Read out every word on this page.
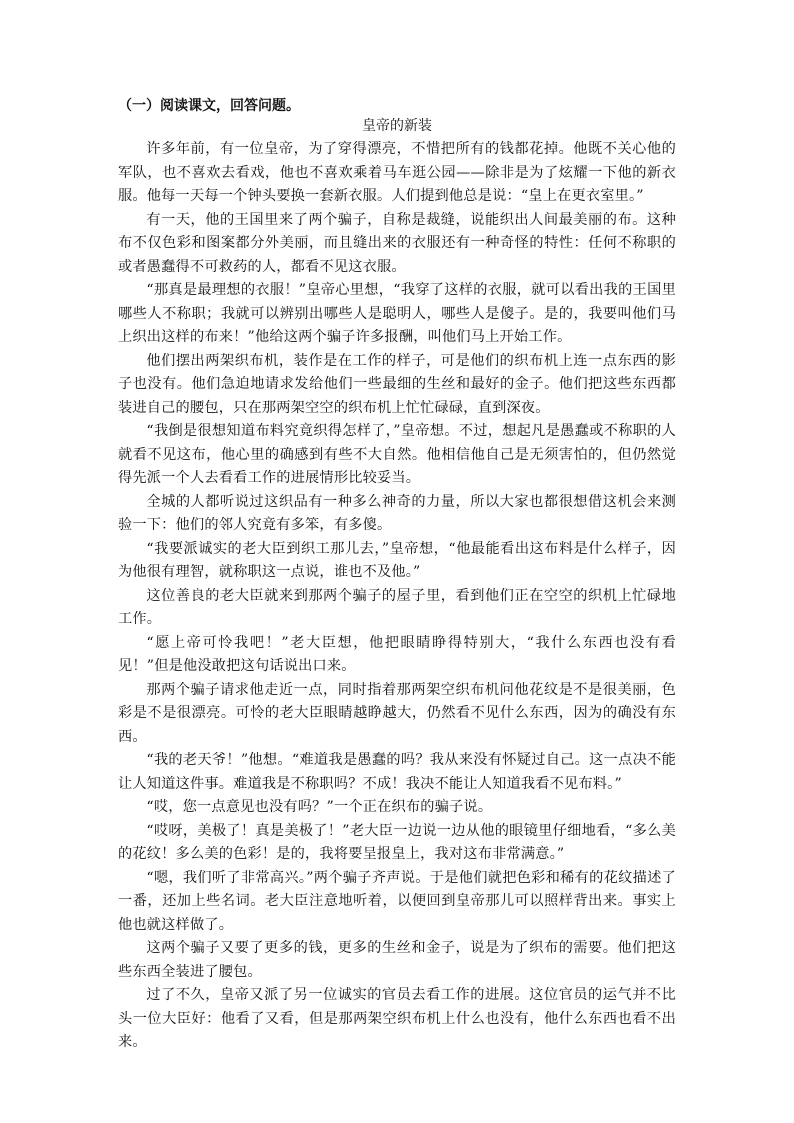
（一）阅读课文，回答问题。

皇帝的新装

许多年前，有一位皇帝，为了穿得漂亮，不惜把所有的钱都花掉。他既不关心他的军队，也不喜欢去看戏，他也不喜欢乘着马车逛公园——除非是为了炫耀一下他的新衣服。他每一天每一个钟头要换一套新衣服。人们提到他总是说：“皇上在更衣室里。”

有一天，他的王国里来了两个骗子，自称是裁缝，说能织出人间最美丽的布。这种布不仅色彩和图案都分外美丽，而且缝出来的衣服还有一种奇怪的特性：任何不称职的或者愚蠢得不可救药的人，都看不见这衣服。

“那真是最理想的衣服！”皇帝心里想，“我穿了这样的衣服，就可以看出我的王国里哪些人不称职；我就可以辨别出哪些人是聪明人，哪些人是傻子。是的，我要叫他们马上织出这样的布来！”他给这两个骗子许多报酬，叫他们马上开始工作。

他们摆出两架织布机，装作是在工作的样子，可是他们的织布机上连一点东西的影子也没有。他们急迫地请求发给他们一些最细的生丝和最好的金子。他们把这些东西都装进自己的腰包，只在那两架空空的织布机上忙忙碌碌，直到深夜。

“我倒是很想知道布料究竟织得怎样了，”皇帝想。不过，想起凡是愚蠢或不称职的人就看不见这布，他心里的确感到有些不大自然。他相信他自己是无须害怕的，但仍然觉得先派一个人去看看工作的进展情形比较妥当。

全城的人都听说过这织品有一种多么神奇的力量，所以大家也都很想借这机会来测验一下：他们的邻人究竟有多笨，有多傻。

“我要派诚实的老大臣到织工那儿去，”皇帝想，“他最能看出这布料是什么样子，因为他很有理智，就称职这一点说，谁也不及他。”

这位善良的老大臣就来到那两个骗子的屋子里，看到他们正在空空的织机上忙碌地工作。

“愿上帝可怜我吧！”老大臣想，他把眼睛睁得特别大，“我什么东西也没有看见！”但是他没敢把这句话说出口来。

那两个骗子请求他走近一点，同时指着那两架空织布机问他花纹是不是很美丽，色彩是不是很漂亮。可怜的老大臣眼睛越睁越大，仍然看不见什么东西，因为的确没有东西。

“我的老天爷！”他想。“难道我是愚蠢的吗？我从来没有怀疑过自己。这一点决不能让人知道这件事。难道我是不称职吗？不成！我决不能让人知道我看不见布料。”

“哎，您一点意见也没有吗？”一个正在织布的骗子说。

“哎呀，美极了！真是美极了！”老大臣一边说一边从他的眼镜里仔细地看，“多么美的花纹！多么美的色彩！是的，我将要呈报皇上，我对这布非常满意。”

“嗯，我们听了非常高兴。”两个骗子齐声说。于是他们就把色彩和稀有的花纹描述了一番，还加上些名词。老大臣注意地听着，以便回到皇帝那儿可以照样背出来。事实上他也就这样做了。

这两个骗子又要了更多的钱，更多的生丝和金子，说是为了织布的需要。他们把这些东西全装进了腰包。

过了不久，皇帝又派了另一位诚实的官员去看工作的进展。这位官员的运气并不比头一位大臣好：他看了又看，但是那两架空织布机上什么也没有，他什么东西也看不出来。
